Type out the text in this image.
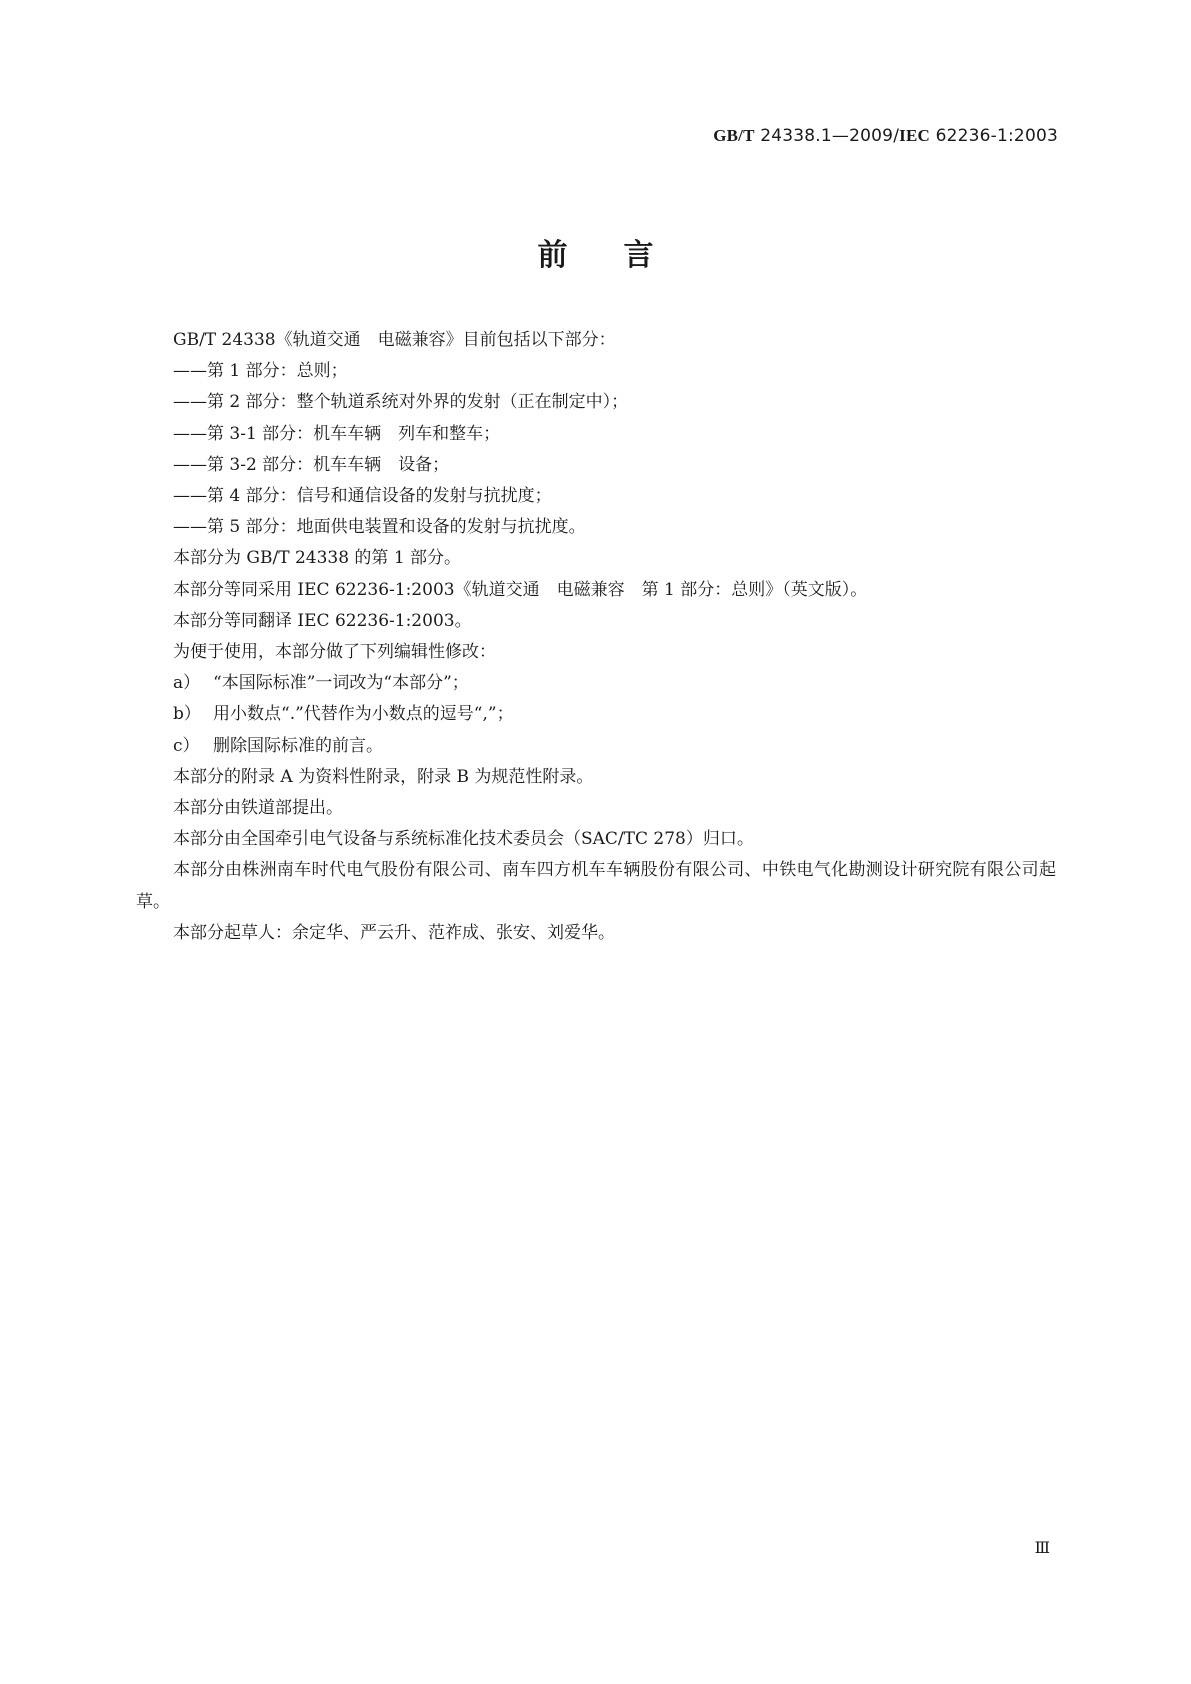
GB/T 24338.1—2009/IEC 62236-1:2003
前言

GB/T 24338《轨道交通　电磁兼容》目前包括以下部分：

——第 1 部分：总则；

——第 2 部分：整个轨道系统对外界的发射（正在制定中）；

——第 3-1 部分：机车车辆　列车和整车；

——第 3-2 部分：机车车辆　设备；

——第 4 部分：信号和通信设备的发射与抗扰度；

——第 5 部分：地面供电装置和设备的发射与抗扰度。

本部分为 GB/T 24338 的第 1 部分。

本部分等同采用 IEC 62236-1:2003《轨道交通　电磁兼容　第 1 部分：总则》（英文版）。

本部分等同翻译 IEC 62236-1:2003。

为便于使用，本部分做了下列编辑性修改：

a） “本国际标准”一词改为“本部分”；

b） 用小数点“.”代替作为小数点的逗号“,”；

c） 删除国际标准的前言。

本部分的附录 A 为资料性附录，附录 B 为规范性附录。

本部分由铁道部提出。

本部分由全国牵引电气设备与系统标准化技术委员会（SAC/TC 278）归口。

本部分由株洲南车时代电气股份有限公司、南车四方机车车辆股份有限公司、中铁电气化勘测设计研究院有限公司起草。

本部分起草人：余定华、严云升、范祚成、张安、刘爱华。

Ⅲ
